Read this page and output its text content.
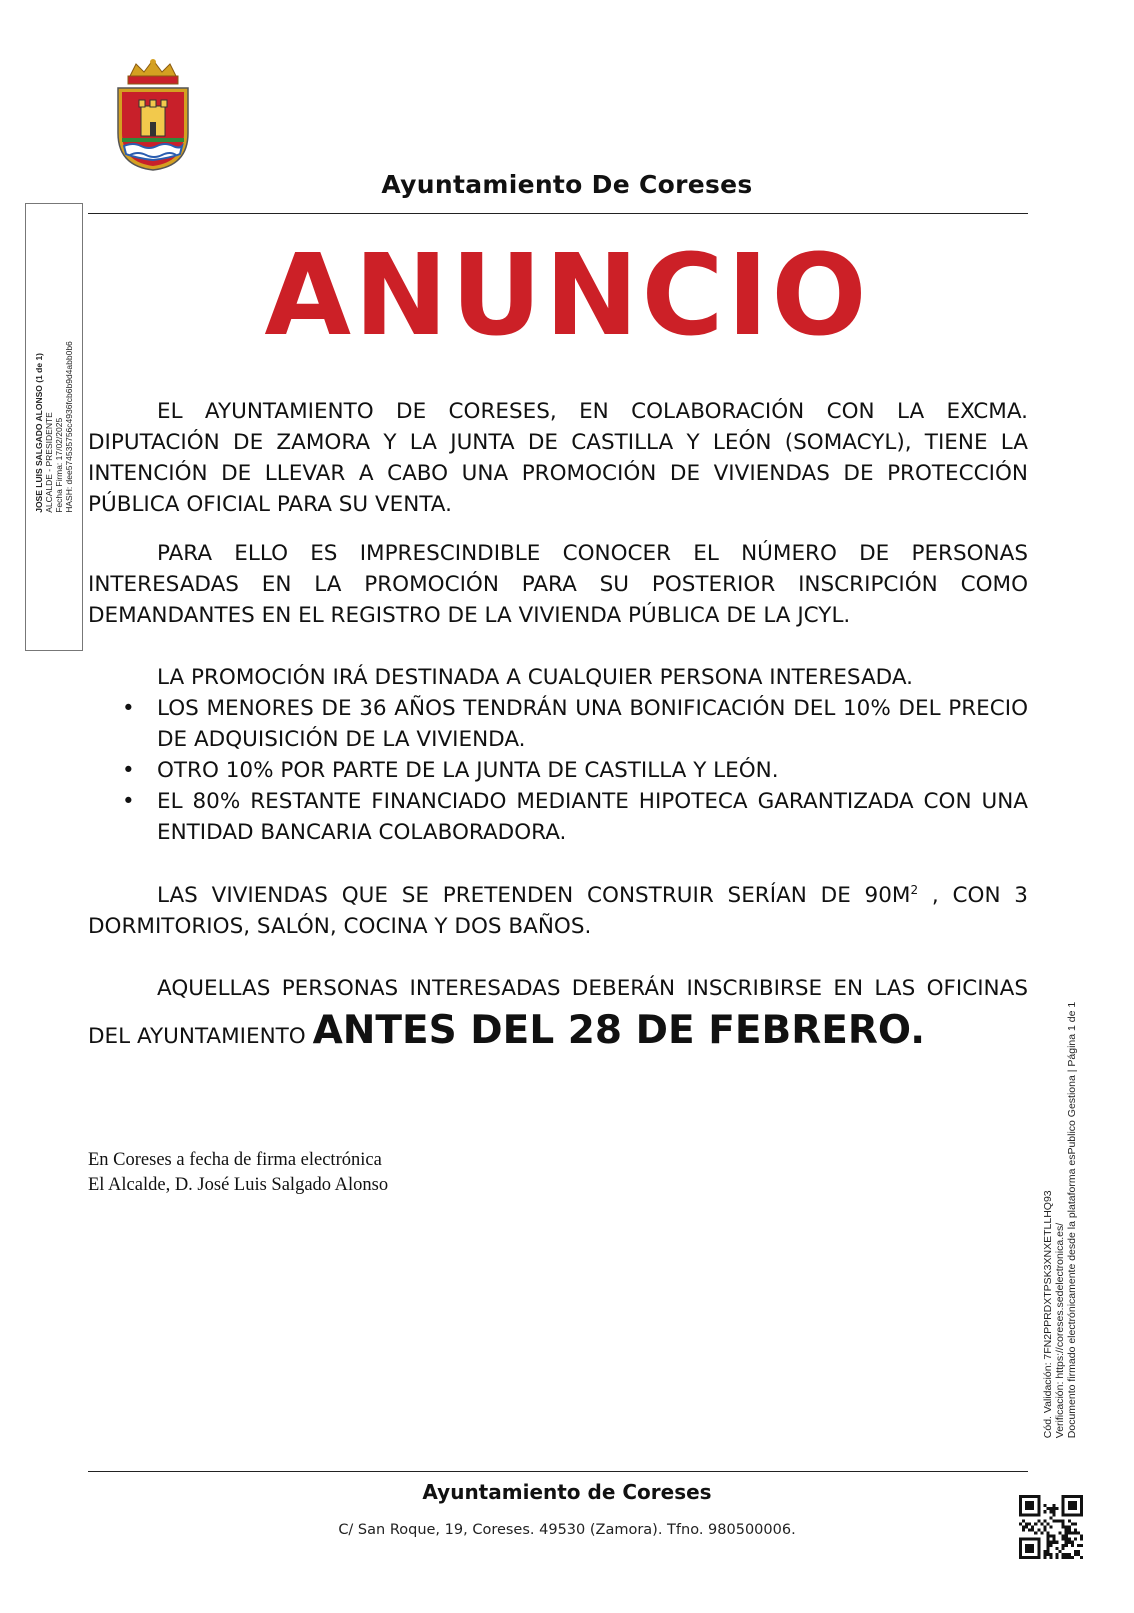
Ayuntamiento De Coreses
ANUNCIO
JOSE LUIS SALGADO ALONSO (1 de 1) ALCALDE - PRESIDENTE Fecha Firma: 17/02/2025 HASH: dee574535756c4936fcb6b9d4abb0b6	EL AYUNTAMIENTO DE CORESES, EN COLABORACIÓN CON LA EXCMA. DIPUTACIÓN DE ZAMORA Y LA JUNTA DE CASTILLA Y LEÓN (SOMACYL), TIENE LA INTENCIÓN DE LLEVAR A CABO UNA PROMOCIÓN DE VIVIENDAS DE PROTECCIÓN PÚBLICA OFICIAL PARA SU VENTA.

PARA ELLO ES IMPRESCINDIBLE CONOCER EL NÚMERO DE PERSONAS INTERESADAS EN LA PROMOCIÓN PARA SU POSTERIOR INSCRIPCIÓN COMO DEMANDANTES EN EL REGISTRO DE LA VIVIENDA PÚBLICA DE LA JCYL.

LA PROMOCIÓN IRÁ DESTINADA A CUALQUIER PERSONA INTERESADA.

• LOS MENORES DE 36 AÑOS TENDRÁN UNA BONIFICACIÓN DEL 10% DEL PRECIO DE ADQUISICIÓN DE LA VIVIENDA.
• OTRO 10% POR PARTE DE LA JUNTA DE CASTILLA Y LEÓN.
• EL 80% RESTANTE FINANCIADO MEDIANTE HIPOTECA GARANTIZADA CON UNA ENTIDAD BANCARIA COLABORADORA.

LAS VIVIENDAS QUE SE PRETENDEN CONSTRUIR SERÍAN DE $90M^2$ , CON 3 DORMITORIOS, SALÓN, COCINA Y DOS BAÑOS.

AQUELLAS PERSONAS INTERESADAS DEBERÁN INSCRIBIRSE EN LAS OFICINAS DEL AYUNTAMIENTO ANTES DEL 28 DE FEBRERO.

En Coreses a fecha de firma electrónica
El Alcalde, D. José Luis Salgado Alonso
Cód. Validación: 7FN2PPRDXTPSK3XNXETLLHQ93 Verificación: https://coreses.sedelectronica.es/ Documento firmado electrónicamente desde la plataforma esPublico Gestiona | Página 1 de 1
Ayuntamiento de Coreses
C/ San Roque, 19, Coreses. 49530 (Zamora). Tfno. 980500006.
